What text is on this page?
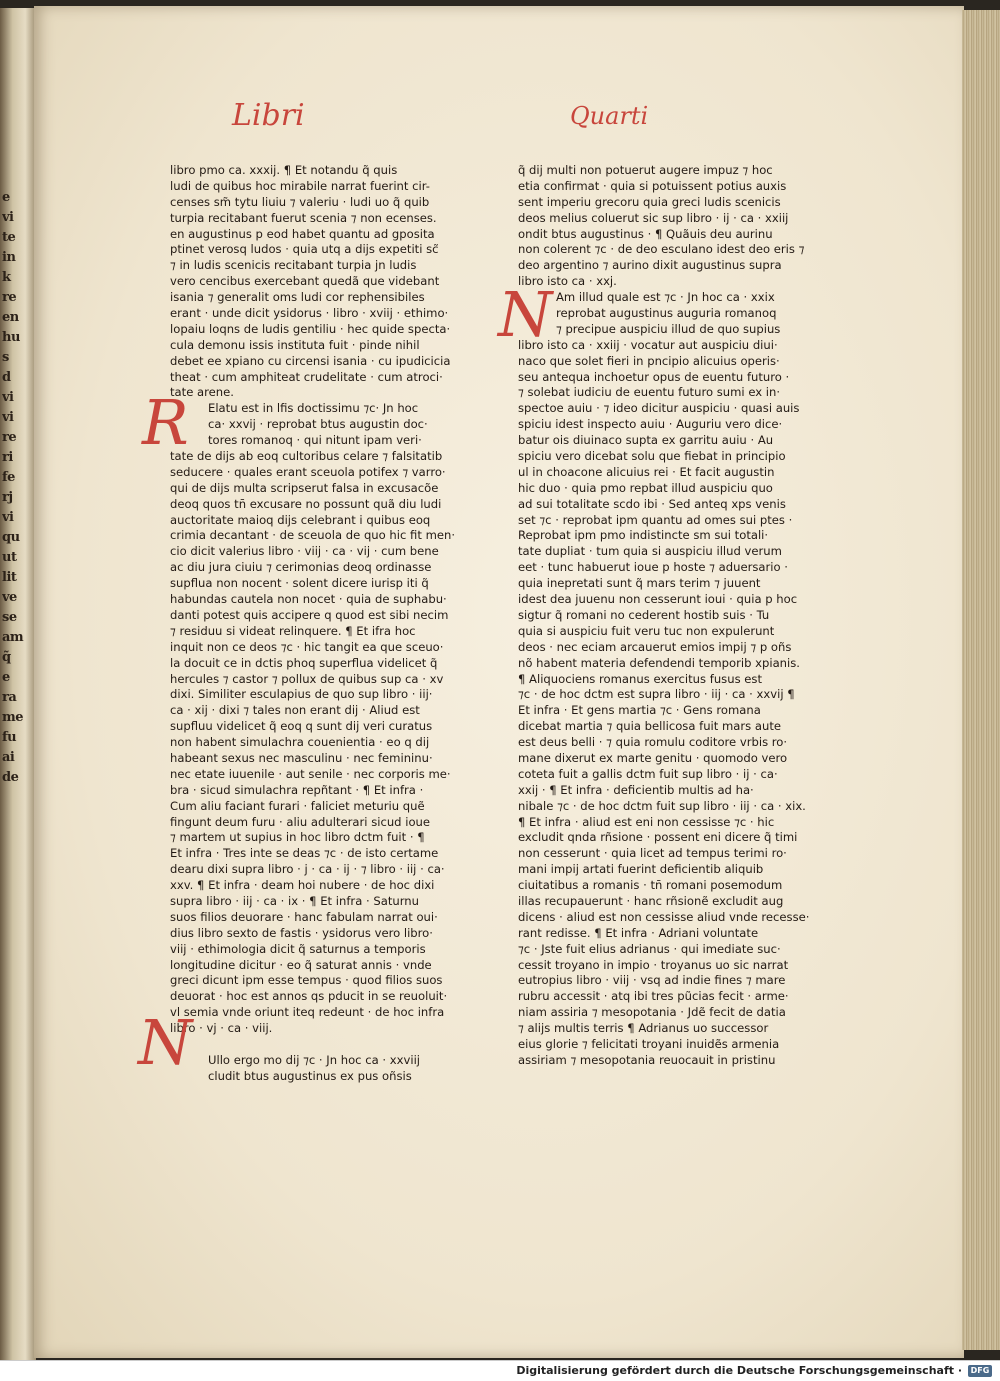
e
vi
te
in
k
re
en
hu
s
d
vi
vi
re
ri
fe
rj
vi
qu
ut
lit
ve
se
am
q̃
e
ra
me
fu
ai
de
Libri	Quarti
libro pmo ca. xxxij. ¶ Et notandu q̃ quis
ludi de quibus hoc mirabile narrat fuerint cir-
censes sm̃ tytu liuiu ⁊ valeriu · ludi uo q̃ quib
turpia recitabant fuerut scenia ⁊ non ecenses.
en augustinus p eod habet quantu ad gposita
ptinet verosq ludos · quia utq a dijs expetiti sc̃
⁊ in ludis scenicis recitabant turpia jn ludis
vero cencibus exercebant quedã que videbant
isania ⁊ generalit oms ludi cor rephensibiles
erant · unde dicit ysidorus · libro · xviij · ethimo·
lopaiu loqns de ludis gentiliu · hec quide specta·
cula demonu issis instituta fuit · pinde nihil
debet ee xpiano cu circensi isania · cu ipudicicia
theat · cum amphiteat crudelitate · cum atroci·
tate arene.
Elatu est in lfis doctissimu ⁊c· Jn hoc
ca· xxvij · reprobat btus augustin doc·
tores romanoq · qui nitunt ipam veri·
tate de dijs ab eoq cultoribus celare ⁊ falsitatib
seducere · quales erant sceuola potifex ⁊ varro·
qui de dijs multa scripserut falsa in excusacõe
deoq quos tn̄ excusare no possunt quã diu ludi
auctoritate maioq dijs celebrant i quibus eoq
crimia decantant · de sceuola de quo hic fit men·
cio dicit valerius libro · viij · ca · vij · cum bene
ac diu jura ciuiu ⁊ cerimonias deoq ordinasse
supflua non nocent · solent dicere iurisp iti q̃
habundas cautela non nocet · quia de suphabu·
danti potest quis accipere q quod est sibi necim
⁊ residuu si videat relinquere. ¶ Et ifra hoc
inquit non ce deos ⁊c · hic tangit ea que sceuo·
la docuit ce in dctis phoq superflua videlicet q̃
hercules ⁊ castor ⁊ pollux de quibus sup ca · xv
dixi. Similiter esculapius de quo sup libro · iij·
ca · xij · dixi ⁊ tales non erant dij · Aliud est
supfluu videlicet q̃ eoq q sunt dij veri curatus
non habent simulachra couenientia · eo q dij
habeant sexus nec masculinu · nec femininu·
nec etate iuuenile · aut senile · nec corporis me·
bra · sicud simulachra repñtant · ¶ Et infra ·
Cum aliu faciant furari · faliciet meturiu quẽ
fingunt deum furu · aliu adulterari sicud ioue
⁊ martem ut supius in hoc libro dctm fuit · ¶
Et infra · Tres inte se deas ⁊c · de isto certame
dearu dixi supra libro · j · ca · ij · ⁊ libro · iij · ca·
xxv. ¶ Et infra · deam hoi nubere · de hoc dixi
supra libro · iij · ca · ix · ¶ Et infra · Saturnu
suos filios deuorare · hanc fabulam narrat oui·
dius libro sexto de fastis · ysidorus vero libro·
viij · ethimologia dicit q̃ saturnus a temporis
longitudine dicitur · eo q̃ saturat annis · vnde
greci dicunt ipm esse tempus · quod filios suos
deuorat · hoc est annos qs pducit in se reuoluit·
vl semia vnde oriunt iteq redeunt · de hoc infra
libro · vj · ca · viij.
Ullo ergo mo dij ⁊c · Jn hoc ca · xxviij
cludit btus augustinus ex pus oñsis
q̃ dij multi non potuerut augere impuz ⁊ hoc
etia confirmat · quia si potuissent potius auxis
sent imperiu grecoru quia greci ludis scenicis
deos melius coluerut sic sup libro · ij · ca · xxiij
ondit btus augustinus · ¶ Quãuis deu aurinu
non colerent ⁊c · de deo esculano idest deo eris ⁊
deo argentino ⁊ aurino dixit augustinus supra
libro isto ca · xxj.
Am illud quale est ⁊c · Jn hoc ca · xxix
reprobat augustinus auguria romanoq
⁊ precipue auspiciu illud de quo supius
libro isto ca · xxiij · vocatur aut auspiciu diui·
naco que solet fieri in pncipio alicuius operis·
seu antequa inchoetur opus de euentu futuro ·
⁊ solebat iudiciu de euentu futuro sumi ex in·
spectoe auiu · ⁊ ideo dicitur auspiciu · quasi auis
spiciu idest inspecto auiu · Auguriu vero dice·
batur ois diuinaco supta ex garritu auiu · Au
spiciu vero dicebat solu que fiebat in principio
ul in choacone alicuius rei · Et facit augustin
hic duo · quia pmo repbat illud auspiciu quo
ad sui totalitate scdo ibi · Sed anteq xps venis
set ⁊c · reprobat ipm quantu ad omes sui ptes ·
Reprobat ipm pmo indistincte sm sui totali·
tate dupliat · tum quia si auspiciu illud verum
eet · tunc habuerut ioue p hoste ⁊ aduersario ·
quia inepretati sunt q̃ mars terim ⁊ juuent
idest dea juuenu non cesserunt ioui · quia p hoc
sigtur q̃ romani no cederent hostib suis · Tu
quia si auspiciu fuit veru tuc non expulerunt
deos · nec eciam arcauerut emios impij ⁊ p oñs
nõ habent materia defendendi temporib xpianis.
¶ Aliquociens romanus exercitus fusus est
⁊c · de hoc dctm est supra libro · iij · ca · xxvij ¶
Et infra · Et gens martia ⁊c · Gens romana
dicebat martia ⁊ quia bellicosa fuit mars aute
est deus belli · ⁊ quia romulu coditore vrbis ro·
mane dixerut ex marte genitu · quomodo vero
coteta fuit a gallis dctm fuit sup libro · ij · ca·
xxij · ¶ Et infra · deficientib multis ad ha·
nibale ⁊c · de hoc dctm fuit sup libro · iij · ca · xix.
¶ Et infra · aliud est eni non cessisse ⁊c · hic
excludit qnda rñsione · possent eni dicere q̃ timi
non cesserunt · quia licet ad tempus terimi ro·
mani impij artati fuerint deficientib aliquib
ciuitatibus a romanis · tn̄ romani posemodum
illas recupauerunt · hanc rñsionẽ excludit aug
dicens · aliud est non cessisse aliud vnde recesse·
rant redisse. ¶ Et infra · Adriani voluntate
⁊c · Jste fuit elius adrianus · qui imediate suc·
cessit troyano in impio · troyanus uo sic narrat
eutropius libro · viij · vsq ad indie fines ⁊ mare
rubru accessit · atq ibi tres pũcias fecit · arme·
niam assiria ⁊ mesopotania · Jdẽ fecit de datia
⁊ alijs multis terris ¶ Adrianus uo successor
eius glorie ⁊ felicitati troyani inuidẽs armenia
assiriam ⁊ mesopotania reuocauit in pristinu
R
N
N
Digitalisierung gefördert durch die Deutsche Forschungsgemeinschaft ·	DFG
